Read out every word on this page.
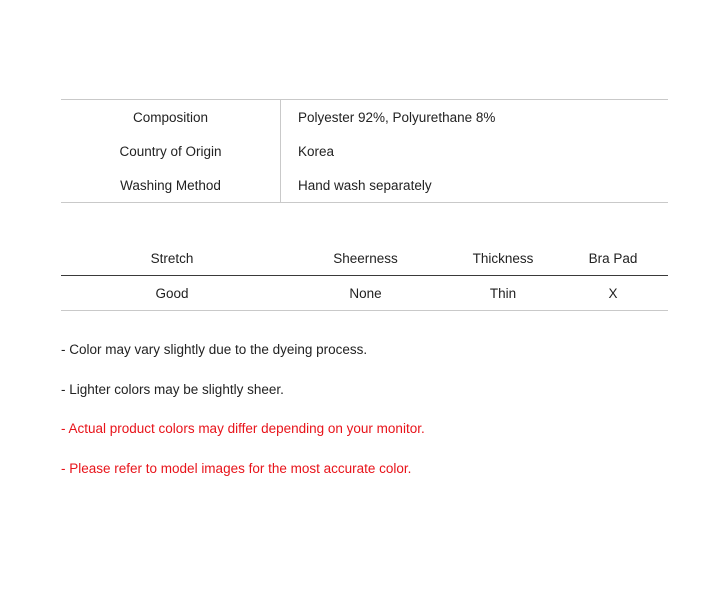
Composition	Polyester 92%, Polyurethane 8%
Country of Origin	Korea
Washing Method	Hand wash separately
Stretch	Sheerness	Thickness	Bra Pad
Good	None	Thin	X
- Color may vary slightly due to the dyeing process.
- Lighter colors may be slightly sheer.
- Actual product colors may differ depending on your monitor.
- Please refer to model images for the most accurate color.
